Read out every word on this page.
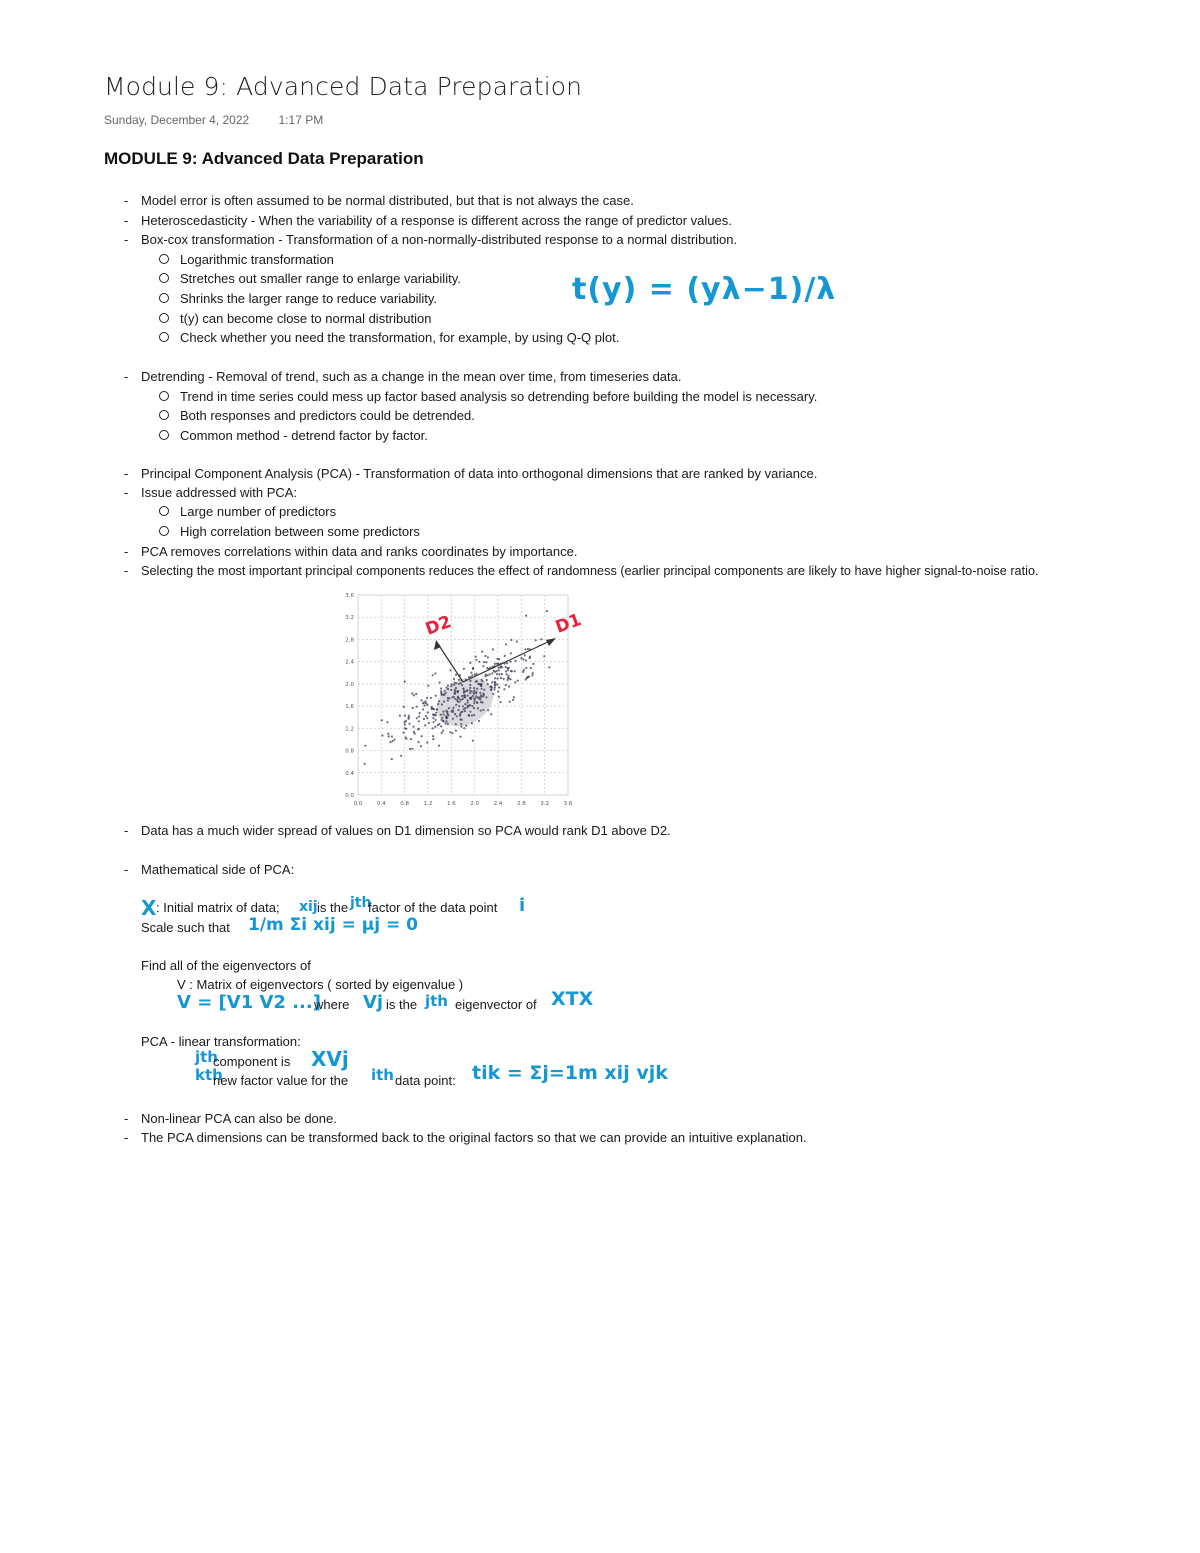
Module 9: Advanced Data Preparation
Sunday, December 4, 2022 1:17 PM
MODULE 9: Advanced Data Preparation
- Model error is often assumed to be normal distributed, but that is not always the case.
- Heteroscedasticity - When the variability of a response is different across the range of predictor values.
- Box-cox transformation - Transformation of a non-normally-distributed response to a normal distribution.
Logarithmic transformation
Stretches out smaller range to enlarge variability.
Shrinks the larger range to reduce variability.
t(y) can become close to normal distribution
Check whether you need the transformation, for example, by using Q-Q plot.
t(y) = (yλ−1)/λ
- Detrending - Removal of trend, such as a change in the mean over time, from timeseries data.
Trend in time series could mess up factor based analysis so detrending before building the model is necessary.
Both responses and predictors could be detrended.
Common method - detrend factor by factor.
- Principal Component Analysis (PCA) - Transformation of data into orthogonal dimensions that are ranked by variance.
- Issue addressed with PCA:
Large number of predictors
High correlation between some predictors
- PCA removes correlations within data and ranks coordinates by importance.
- Selecting the most important principal components reduces the effect of randomness (earlier principal components are likely to have higher signal-to-noise ratio.
0.0
0.0
0.4
0.4
0.8
0.8
1.2
1.2
1.6
1.6
2.0
2.0
2.4
2.4
2.8
2.8
3.2
3.2
3.6
3.6
D2	D1
- Data has a much wider spread of values on D1 dimension so PCA would rank D1 above D2.
- Mathematical side of PCA:
X : Initial matrix of data; xij is the jth
factor of the data point i
Scale such that 1/m Σi xij = μj = 0
Find all of the eigenvectors of
V : Matrix of eigenvectors ( sorted by eigenvalue )
V = [V1 V2 ...]
where Vj is the jth eigenvector of XTX
PCA - linear transformation:
jth
component is XVj
kth
new factor value for the ith data point: tik = Σj=1m xij vjk
- Non-linear PCA can also be done.
- The PCA dimensions can be transformed back to the original factors so that we can provide an intuitive explanation.
